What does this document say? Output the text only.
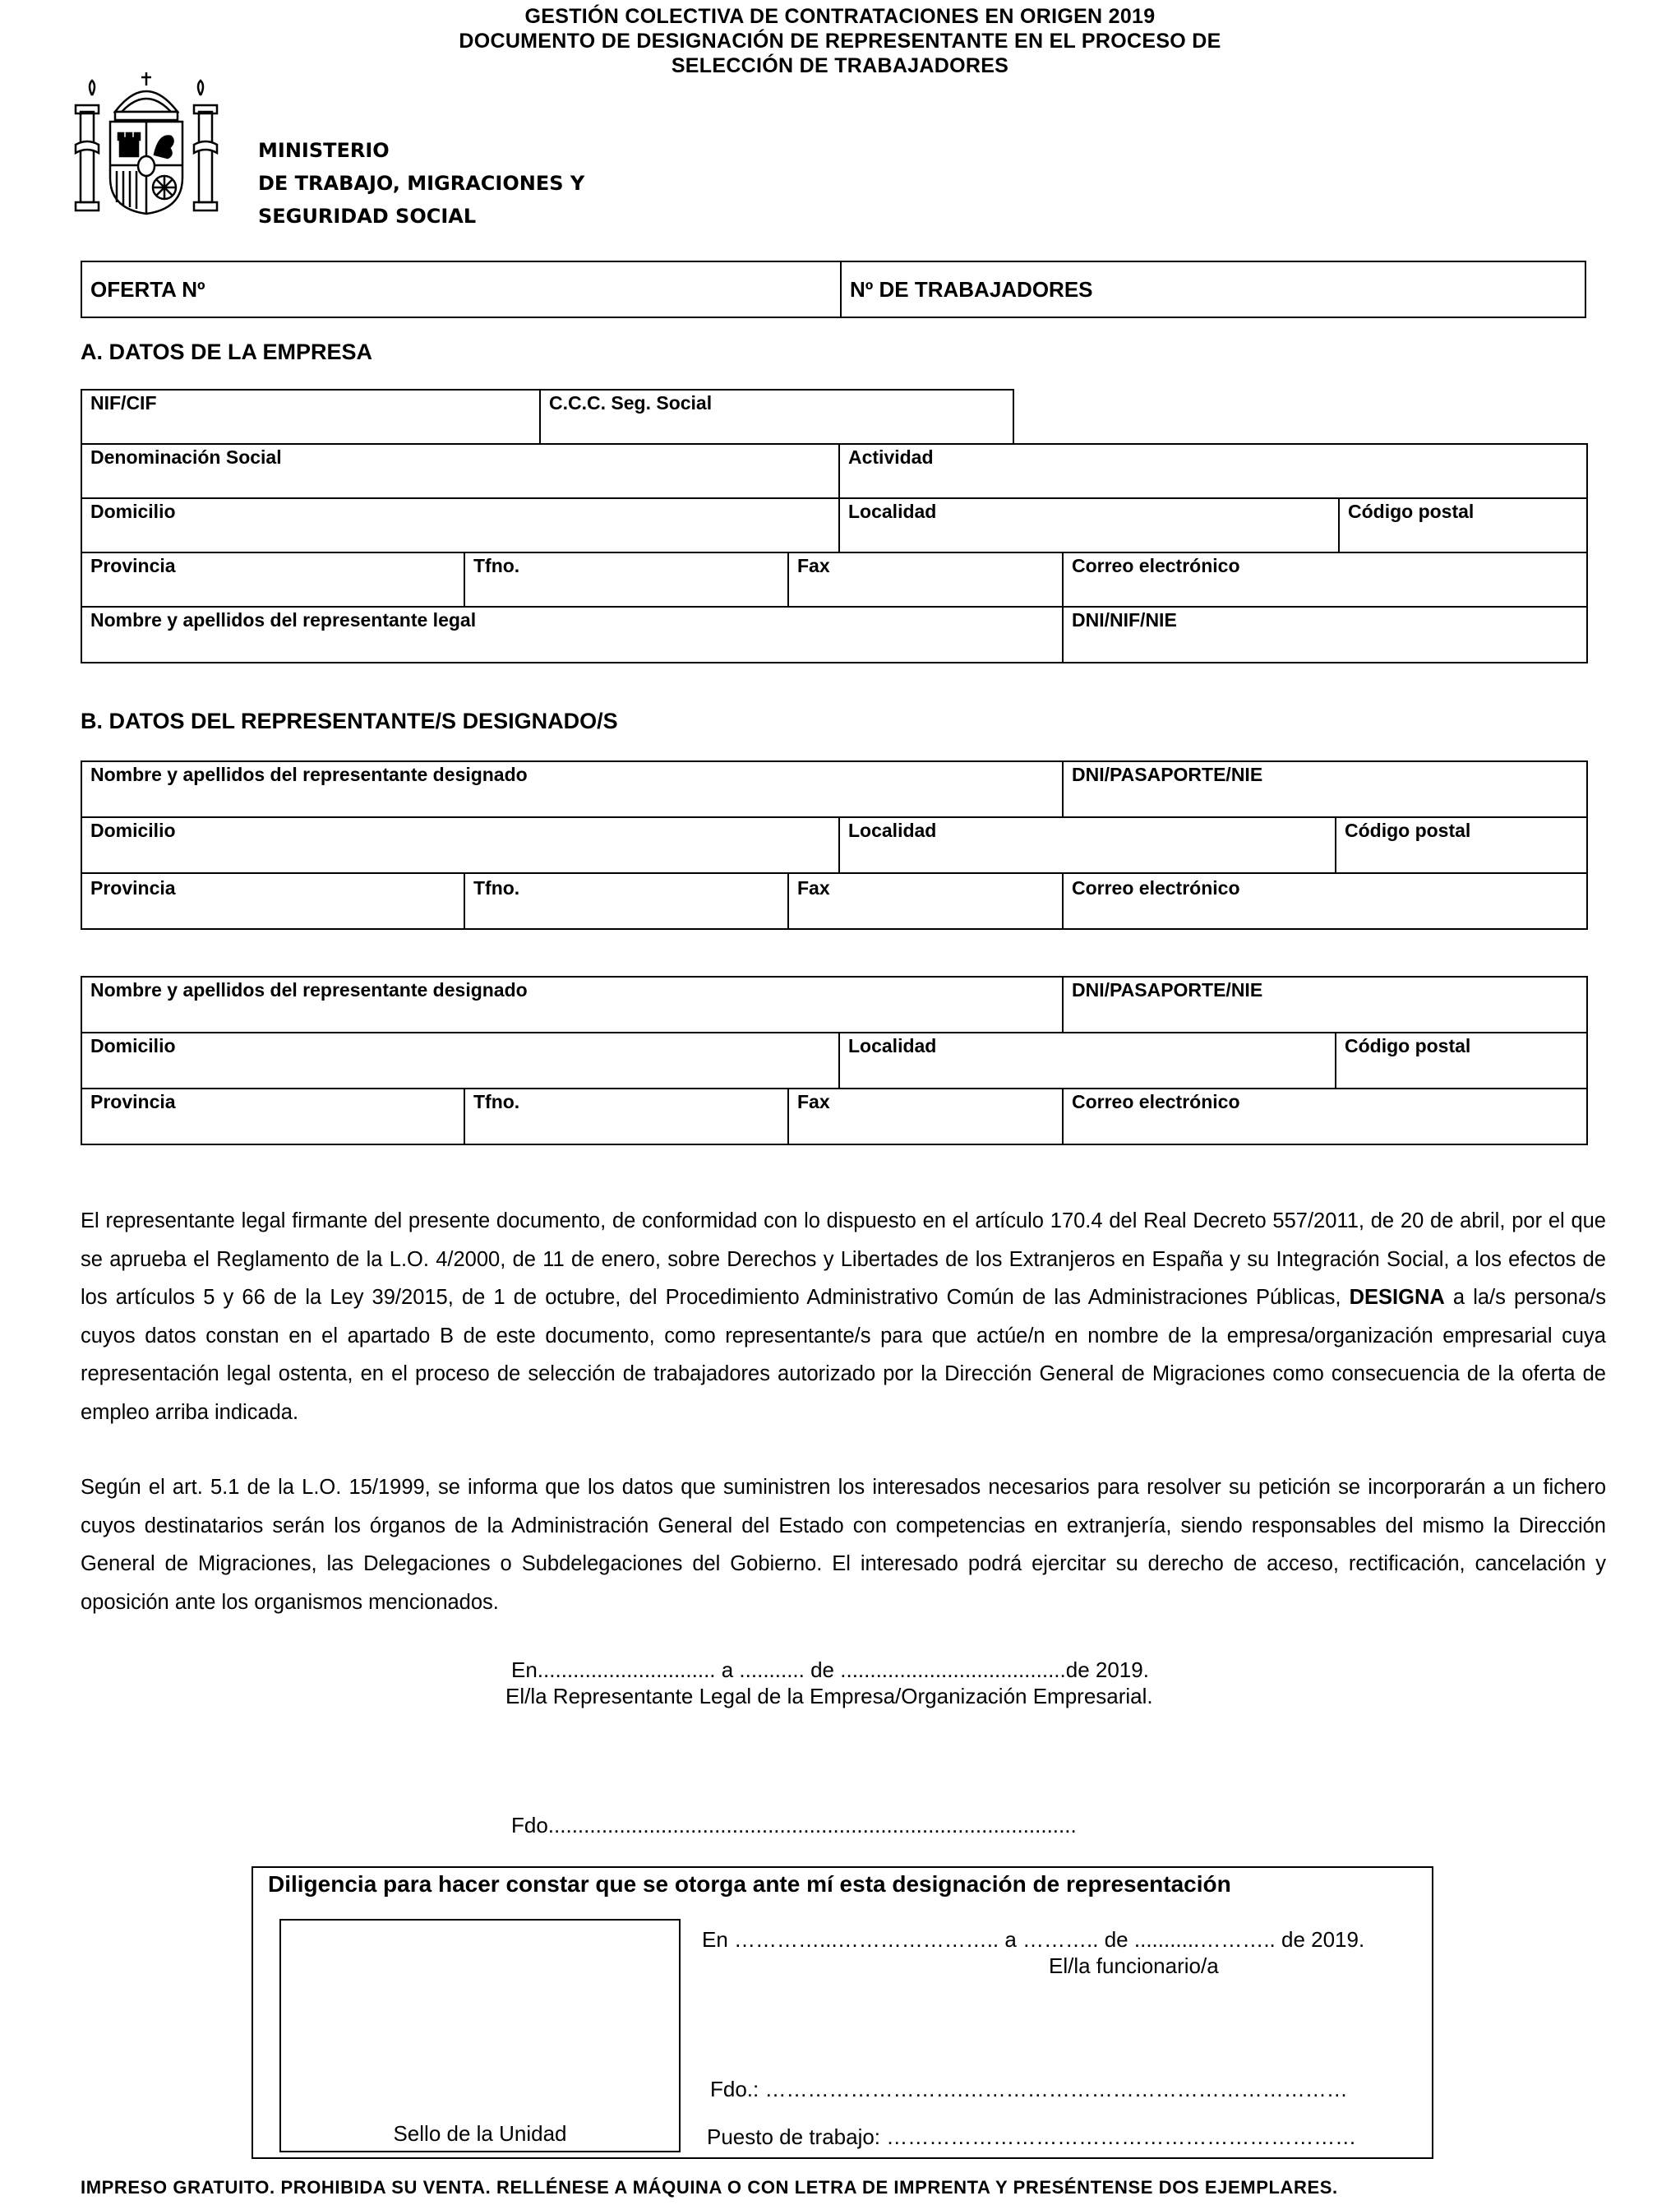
GESTIÓN COLECTIVA DE CONTRATACIONES EN ORIGEN 2019
DOCUMENTO DE DESIGNACIÓN DE REPRESENTANTE EN EL PROCESO DE
SELECCIÓN DE TRABAJADORES
MINISTERIO
DE TRABAJO, MIGRACIONES Y
SEGURIDAD SOCIAL
OFERTA Nº	Nº DE TRABAJADORES
A. DATOS DE LA EMPRESA
NIF/CIF	C.C.C. Seg. Social
Denominación Social	Actividad
Domicilio	Localidad	Código postal
Provincia	Tfno.	Fax	Correo electrónico
Nombre y apellidos del representante legal	DNI/NIF/NIE
B. DATOS DEL REPRESENTANTE/S DESIGNADO/S
Nombre y apellidos del representante designado	DNI/PASAPORTE/NIE
Domicilio	Localidad	Código postal
Provincia	Tfno.	Fax	Correo electrónico
Nombre y apellidos del representante designado	DNI/PASAPORTE/NIE
Domicilio	Localidad	Código postal
Provincia	Tfno.	Fax	Correo electrónico
El representante legal firmante del presente documento, de conformidad con lo dispuesto en el artículo 170.4 del Real Decreto 557/2011, de 20 de abril, por el que se aprueba el Reglamento de la L.O. 4/2000, de 11 de enero, sobre Derechos y Libertades de los Extranjeros en España y su Integración Social, a los efectos de los artículos 5 y 66 de la Ley 39/2015, de 1 de octubre, del Procedimiento Administrativo Común de las Administraciones Públicas, DESIGNA a la/s persona/s cuyos datos constan en el apartado B de este documento, como representante/s para que actúe/n en nombre de la empresa/organización empresarial cuya representación legal ostenta, en el proceso de selección de trabajadores autorizado por la Dirección General de Migraciones como consecuencia de la oferta de empleo arriba indicada.
Según el art. 5.1 de la L.O. 15/1999, se informa que los datos que suministren los interesados necesarios para resolver su petición se incorporarán a un fichero cuyos destinatarios serán los órganos de la Administración General del Estado con competencias en extranjería, siendo responsables del mismo la Dirección General de Migraciones, las Delegaciones o Subdelegaciones del Gobierno. El interesado podrá ejercitar su derecho de acceso, rectificación, cancelación y oposición ante los organismos mencionados.
En.............................. a ........... de ......................................de 2019.
El/la Representante Legal de la Empresa/Organización Empresarial.
Fdo.........................................................................................
Diligencia para hacer constar que se otorga ante mí esta designación de representación
Sello de la Unidad
En …………...………………….. a ……….. de ...........……….. de 2019.
El/la funcionario/a
Fdo.: ……………………….………………………………………………
Puesto de trabajo: …………………………………………………………
IMPRESO GRATUITO. PROHIBIDA SU VENTA. RELLÉNESE A MÁQUINA O CON LETRA DE IMPRENTA Y PRESÉNTENSE DOS EJEMPLARES.
